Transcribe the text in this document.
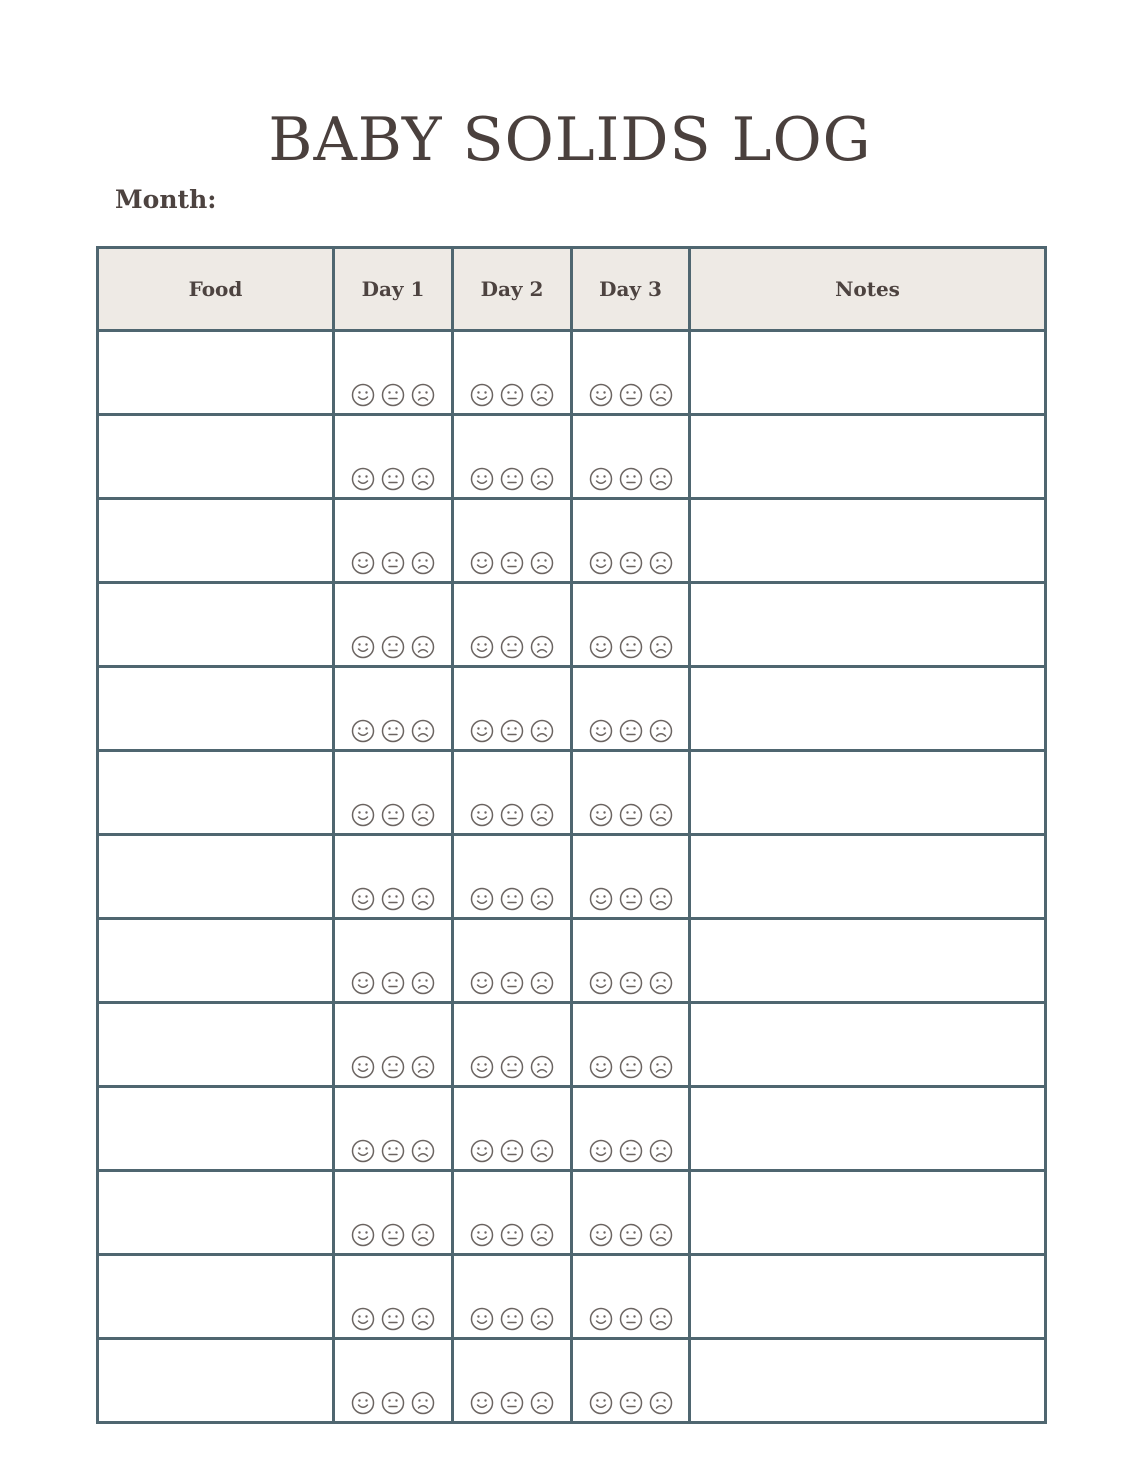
BABY SOLIDS LOG
Month:
Food	Day 1	Day 2	Day 3	Notes
